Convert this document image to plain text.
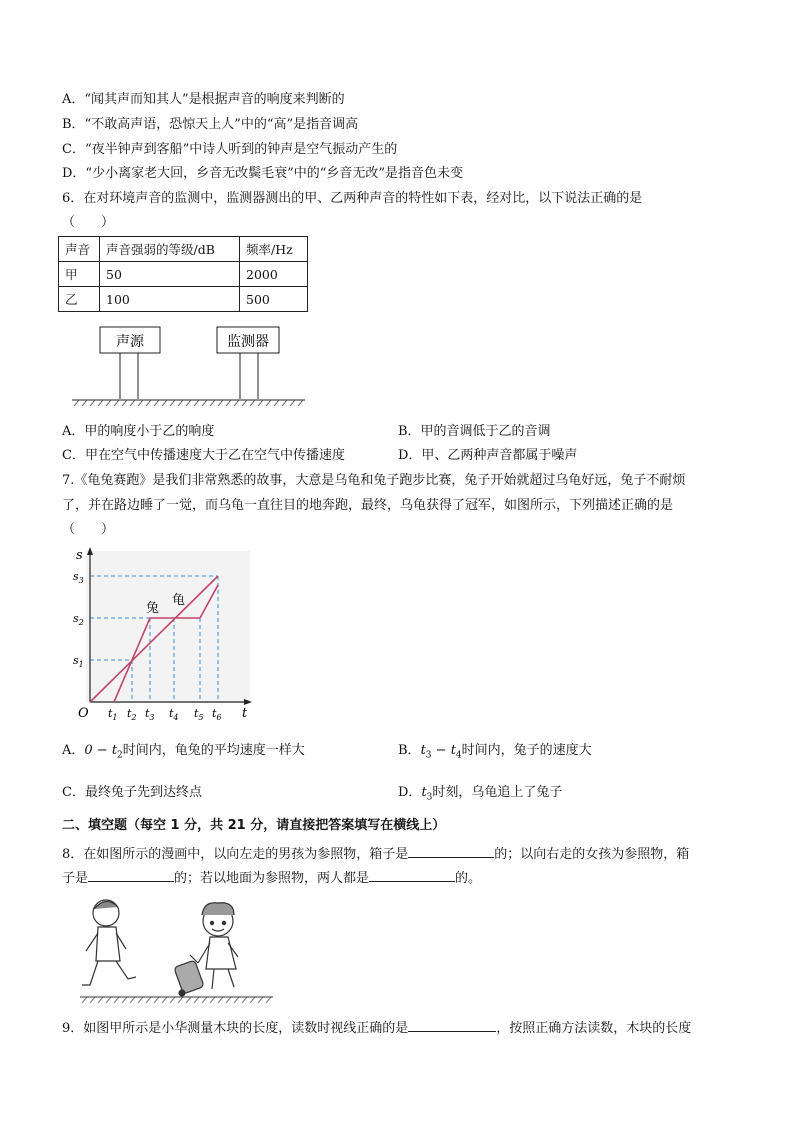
A．“闻其声而知其人”是根据声音的响度来判断的
B．“不敢高声语，恐惊天上人”中的“高”是指音调高
C．“夜半钟声到客船”中诗人听到的钟声是空气振动产生的
D．“少小离家老大回，乡音无改鬓毛衰”中的“乡音无改”是指音色未变
6．在对环境声音的监测中，监测器测出的甲、乙两种声音的特性如下表，经对比，以下说法正确的是
（　　）
声音	声音强弱的等级/dB	频率/Hz
甲	50	2000
乙	100	500
声源	监测器
A．甲的响度小于乙的响度	B．甲的音调低于乙的音调
C．甲在空气中传播速度大于乙在空气中传播速度	D．甲、乙两种声音都属于噪声
7.《龟兔赛跑》是我们非常熟悉的故事，大意是乌龟和兔子跑步比赛，兔子开始就超过乌龟好远，兔子不耐烦
了，并在路边睡了一觉，而乌龟一直往目的地奔跑，最终，乌龟获得了冠军，如图所示，下列描述正确的是
（　　）
s
t
O
$s_3$
$s_2$
$s_1$
$t_1$ $t_2$ $t_3$ $t_4$ $t_5$ $t_6$
兔
龟
A．$0 - t_2$时间内，龟兔的平均速度一样大	B．$t_3 - t_4$时间内，兔子的速度大
C．最终兔子先到达终点	D．$t_3$时刻，乌龟追上了兔子
二、填空题（每空 1 分，共 21 分，请直接把答案填写在横线上）
8．在如图所示的漫画中，以向左走的男孩为参照物，箱子是	的；以向右走的女孩为参照物，箱
子是	的；若以地面为参照物，两人都是	的。
9．如图甲所示是小华测量木块的长度，读数时视线正确的是	，按照正确方法读数，木块的长度
